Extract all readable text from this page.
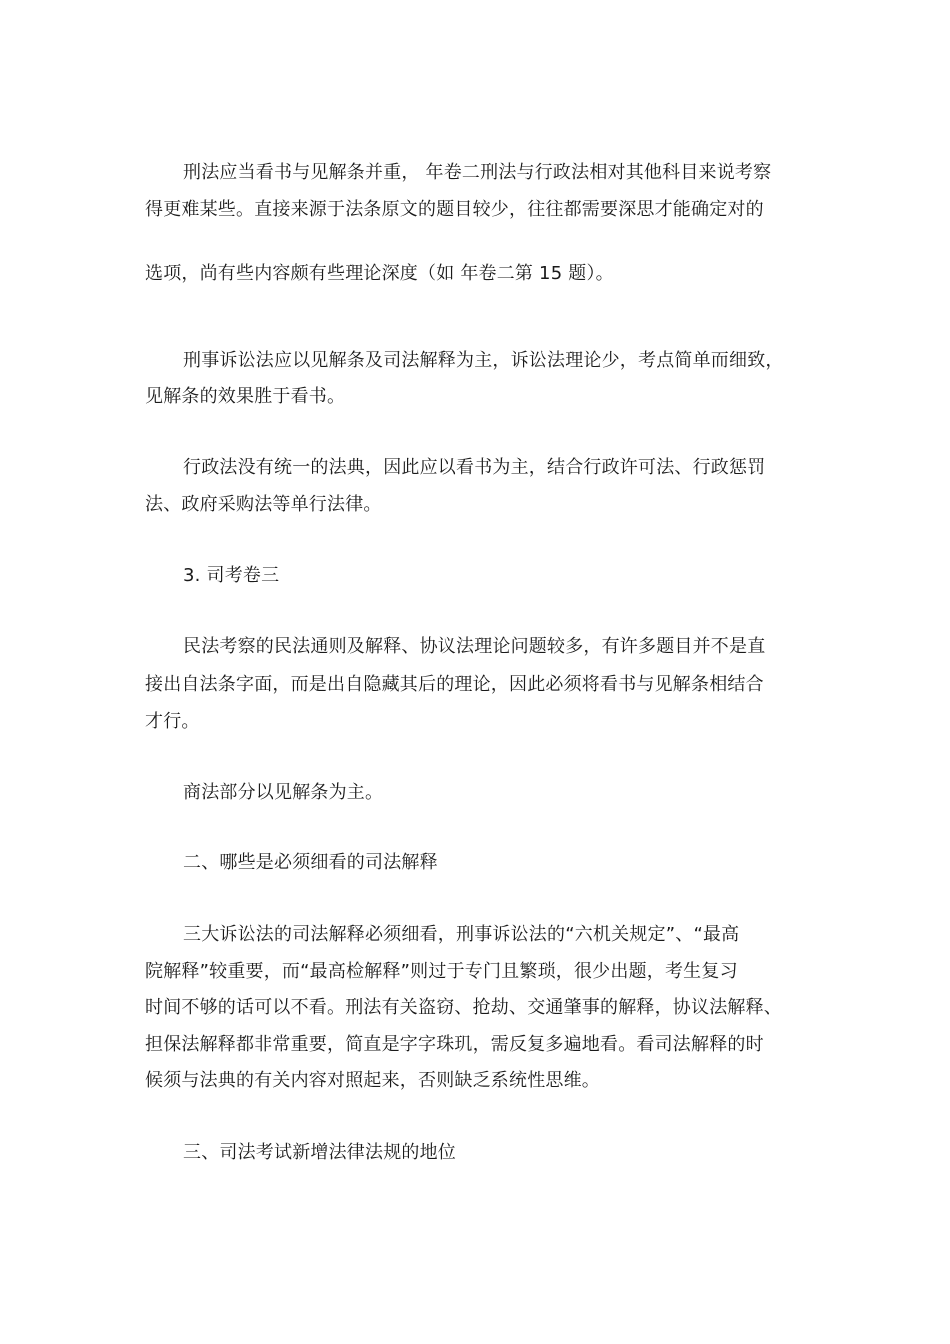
刑法应当看书与见解条并重， 年卷二刑法与行政法相对其他科目来说考察
得更难某些。直接来源于法条原文的题目较少，往往都需要深思才能确定对的
选项，尚有些内容颇有些理论深度（如 年卷二第 15 题）。
刑事诉讼法应以见解条及司法解释为主，诉讼法理论少，考点简单而细致，
见解条的效果胜于看书。
行政法没有统一的法典，因此应以看书为主，结合行政许可法、行政惩罚
法、政府采购法等单行法律。
3. 司考卷三
民法考察的民法通则及解释、协议法理论问题较多，有许多题目并不是直
接出自法条字面，而是出自隐藏其后的理论，因此必须将看书与见解条相结合
才行。
商法部分以见解条为主。
二、哪些是必须细看的司法解释
三大诉讼法的司法解释必须细看，刑事诉讼法的“六机关规定”、“最高
院解释”较重要，而“最高检解释”则过于专门且繁琐，很少出题，考生复习
时间不够的话可以不看。刑法有关盗窃、抢劫、交通肇事的解释，协议法解释、
担保法解释都非常重要，简直是字字珠玑，需反复多遍地看。看司法解释的时
候须与法典的有关内容对照起来，否则缺乏系统性思维。
三、司法考试新增法律法规的地位
